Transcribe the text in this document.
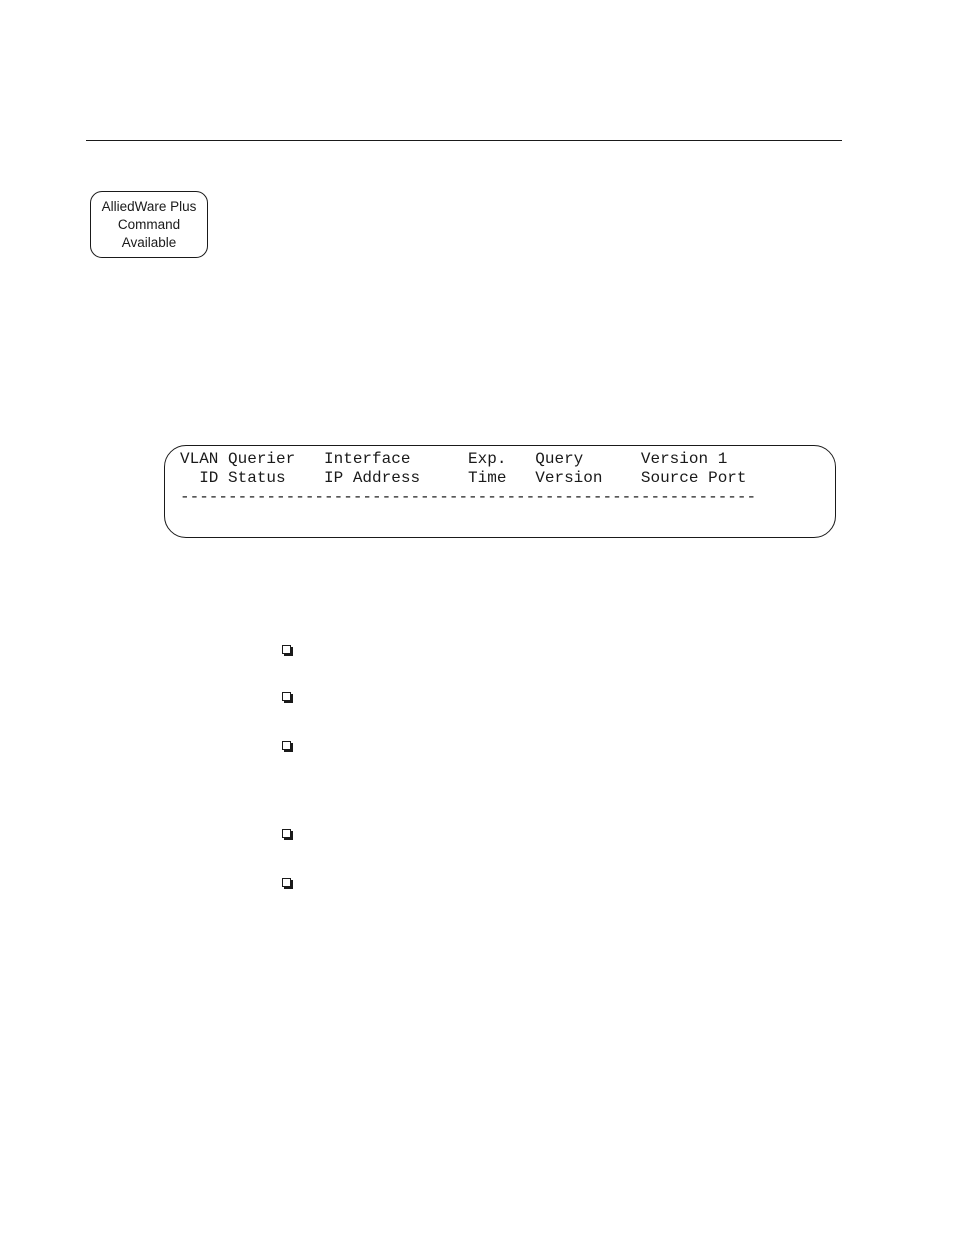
AlliedWare Plus
Command
Available
VLAN Querier   Interface      Exp.   Query      Version 1
ID Status    IP Address     Time   Version    Source Port
------------------------------------------------------------
